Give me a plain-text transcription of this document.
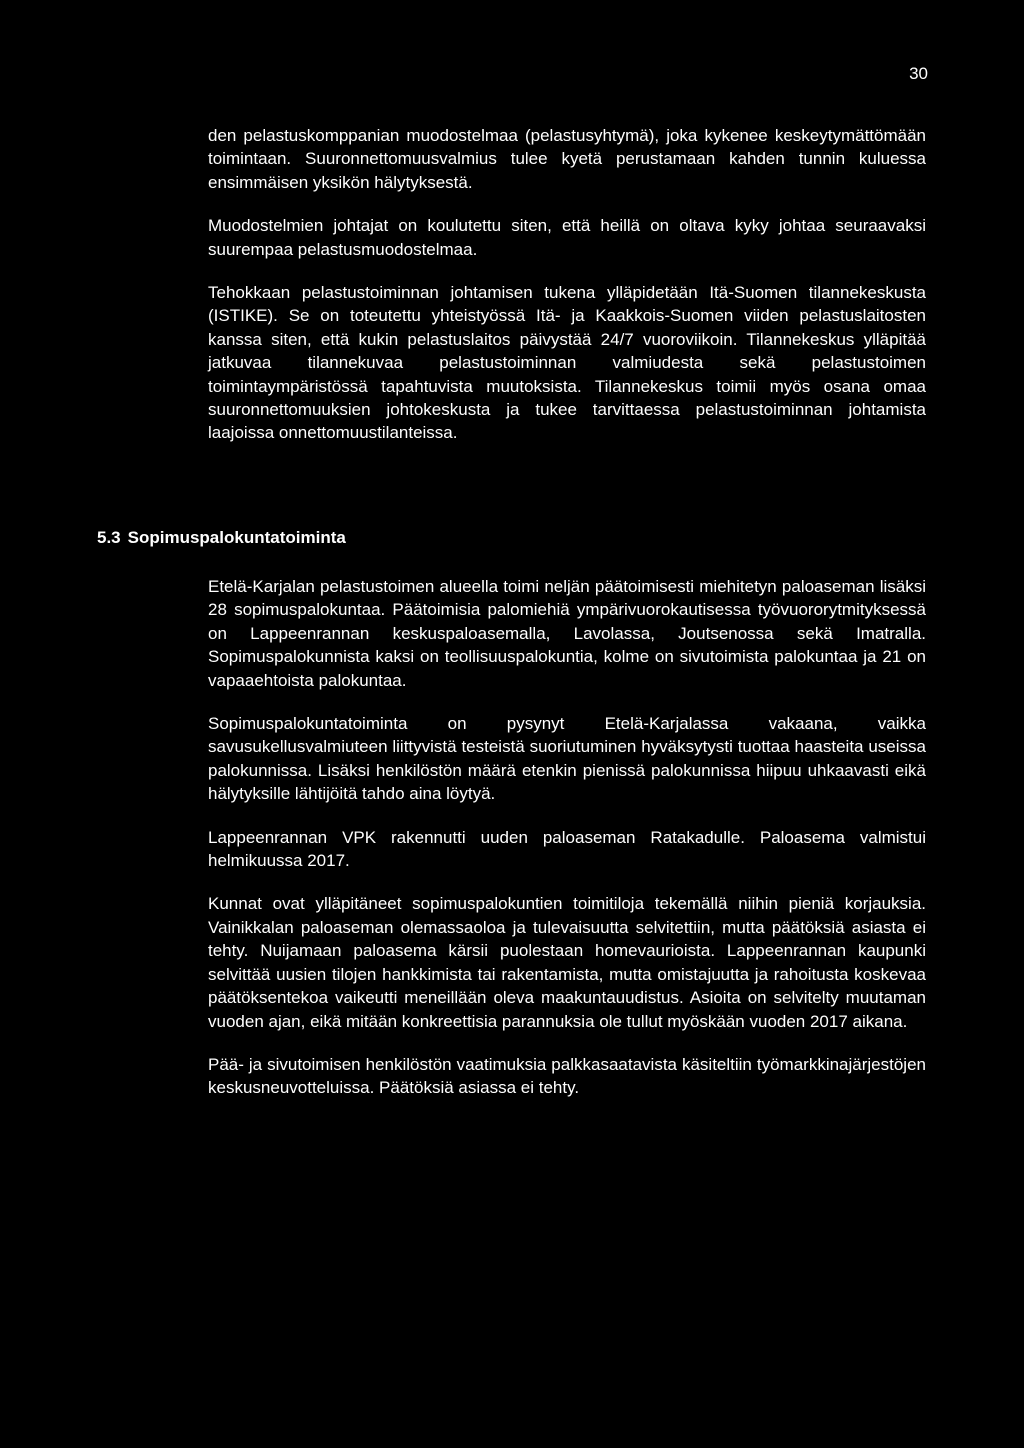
30

den pelastuskomppanian muodostelmaa (pelastusyhtymä), joka kykenee keskeytymättömään toimintaan. Suuronnettomuusvalmius tulee kyetä perustamaan kahden tunnin kuluessa ensimmäisen yksikön hälytyksestä.

Muodostelmien johtajat on koulutettu siten, että heillä on oltava kyky johtaa seuraavaksi suurempaa pelastusmuodostelmaa.

Tehokkaan pelastustoiminnan johtamisen tukena ylläpidetään Itä-Suomen tilannekeskusta (ISTIKE). Se on toteutettu yhteistyössä Itä- ja Kaakkois-Suomen viiden pelastuslaitosten kanssa siten, että kukin pelastuslaitos päivystää 24/7 vuoroviikoin. Tilannekeskus ylläpitää jatkuvaa tilannekuvaa pelastustoiminnan valmiudesta sekä pelastustoimen toimintaympäristössä tapahtuvista muutoksista. Tilannekeskus toimii myös osana omaa suuronnettomuuksien johtokeskusta ja tukee tarvittaessa pelastustoiminnan johtamista laajoissa onnettomuustilanteissa.

5.3 Sopimuspalokuntatoiminta

Etelä-Karjalan pelastustoimen alueella toimi neljän päätoimisesti miehitetyn paloaseman lisäksi 28 sopimuspalokuntaa. Päätoimisia palomiehiä ympärivuorokautisessa työvuororytmityksessä on Lappeenrannan keskuspaloasemalla, Lavolassa, Joutsenossa sekä Imatralla. Sopimuspalokunnista kaksi on teollisuuspalokuntia, kolme on sivutoimista palokuntaa ja 21 on vapaaehtoista palokuntaa.

Sopimuspalokuntatoiminta on pysynyt Etelä-Karjalassa vakaana, vaikka savusukellusvalmiuteen liittyvistä testeistä suoriutuminen hyväksytysti tuottaa haasteita useissa palokunnissa. Lisäksi henkilöstön määrä etenkin pienissä palokunnissa hiipuu uhkaavasti eikä hälytyksille lähtijöitä tahdo aina löytyä.

Lappeenrannan VPK rakennutti uuden paloaseman Ratakadulle. Paloasema valmistui helmikuussa 2017.

Kunnat ovat ylläpitäneet sopimuspalokuntien toimitiloja tekemällä niihin pieniä korjauksia. Vainikkalan paloaseman olemassaoloa ja tulevaisuutta selvitettiin, mutta päätöksiä asiasta ei tehty. Nuijamaan paloasema kärsii puolestaan homevaurioista. Lappeenrannan kaupunki selvittää uusien tilojen hankkimista tai rakentamista, mutta omistajuutta ja rahoitusta koskevaa päätöksentekoa vaikeutti meneillään oleva maakuntauudistus. Asioita on selvitelty muutaman vuoden ajan, eikä mitään konkreettisia parannuksia ole tullut myöskään vuoden 2017 aikana.

Pää- ja sivutoimisen henkilöstön vaatimuksia palkkasaatavista käsiteltiin työmarkkinajärjestöjen keskusneuvotteluissa. Päätöksiä asiassa ei tehty.
